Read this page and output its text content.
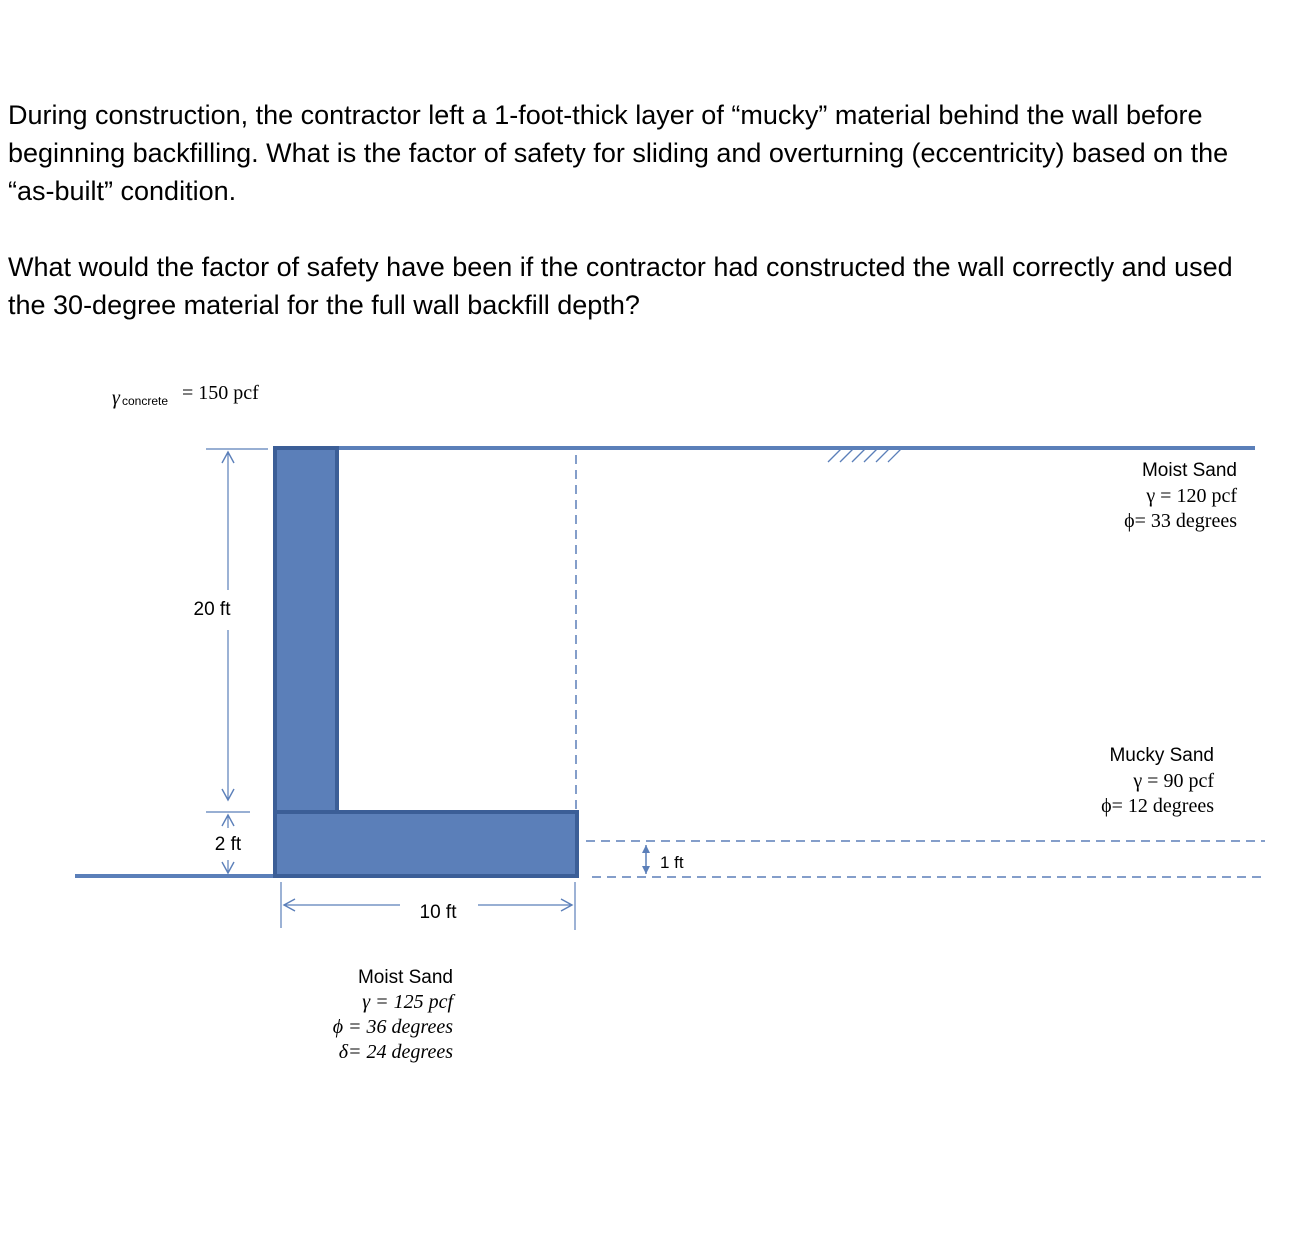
During construction, the contractor left a 1-foot-thick layer of “mucky” material behind the wall before beginning backfilling. What is the factor of safety for sliding and overturning (eccentricity) based on the “as-built” condition.

What would the factor of safety have been if the contractor had constructed the wall correctly and used the 30-degree material for the full wall backfill depth?

γ concrete = 150 pcf
20 ft
2 ft
10 ft
1 ft
Moist Sand
γ = 120 pcf
ϕ= 33 degrees
Mucky Sand
γ = 90 pcf
ϕ= 12 degrees
Moist Sand
γ = 125 pcf
ϕ = 36 degrees
δ= 24 degrees
